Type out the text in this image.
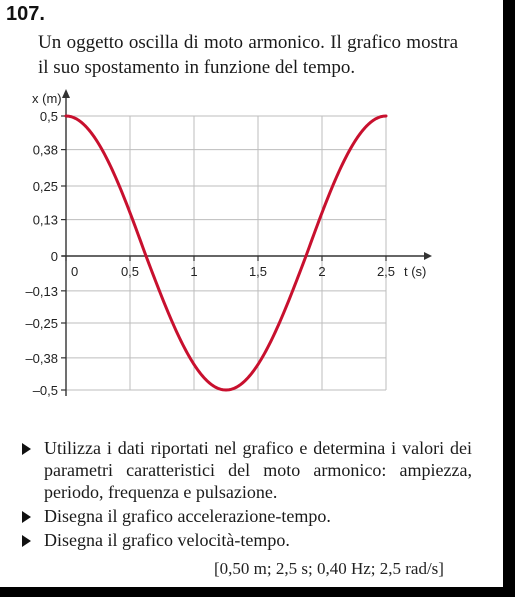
107.

Un oggetto oscilla di moto armonico. Il grafico mostra il suo spostamento in funzione del tempo.

0,5
0,38
0,25
0,13
0
–0,13
–0,25
–0,38
–0,5
0	0,5	1	1,5	2	2,5
x (m)
t (s)
Utilizza i dati riportati nel grafico e determina i valori dei parametri caratteristici del moto armonico: ampiezza, periodo, frequenza e pulsazione.
Disegna il grafico accelerazione-tempo.
Disegna il grafico velocità-tempo.

[0,50 m; 2,5 s; 0,40 Hz; 2,5 rad/s]
